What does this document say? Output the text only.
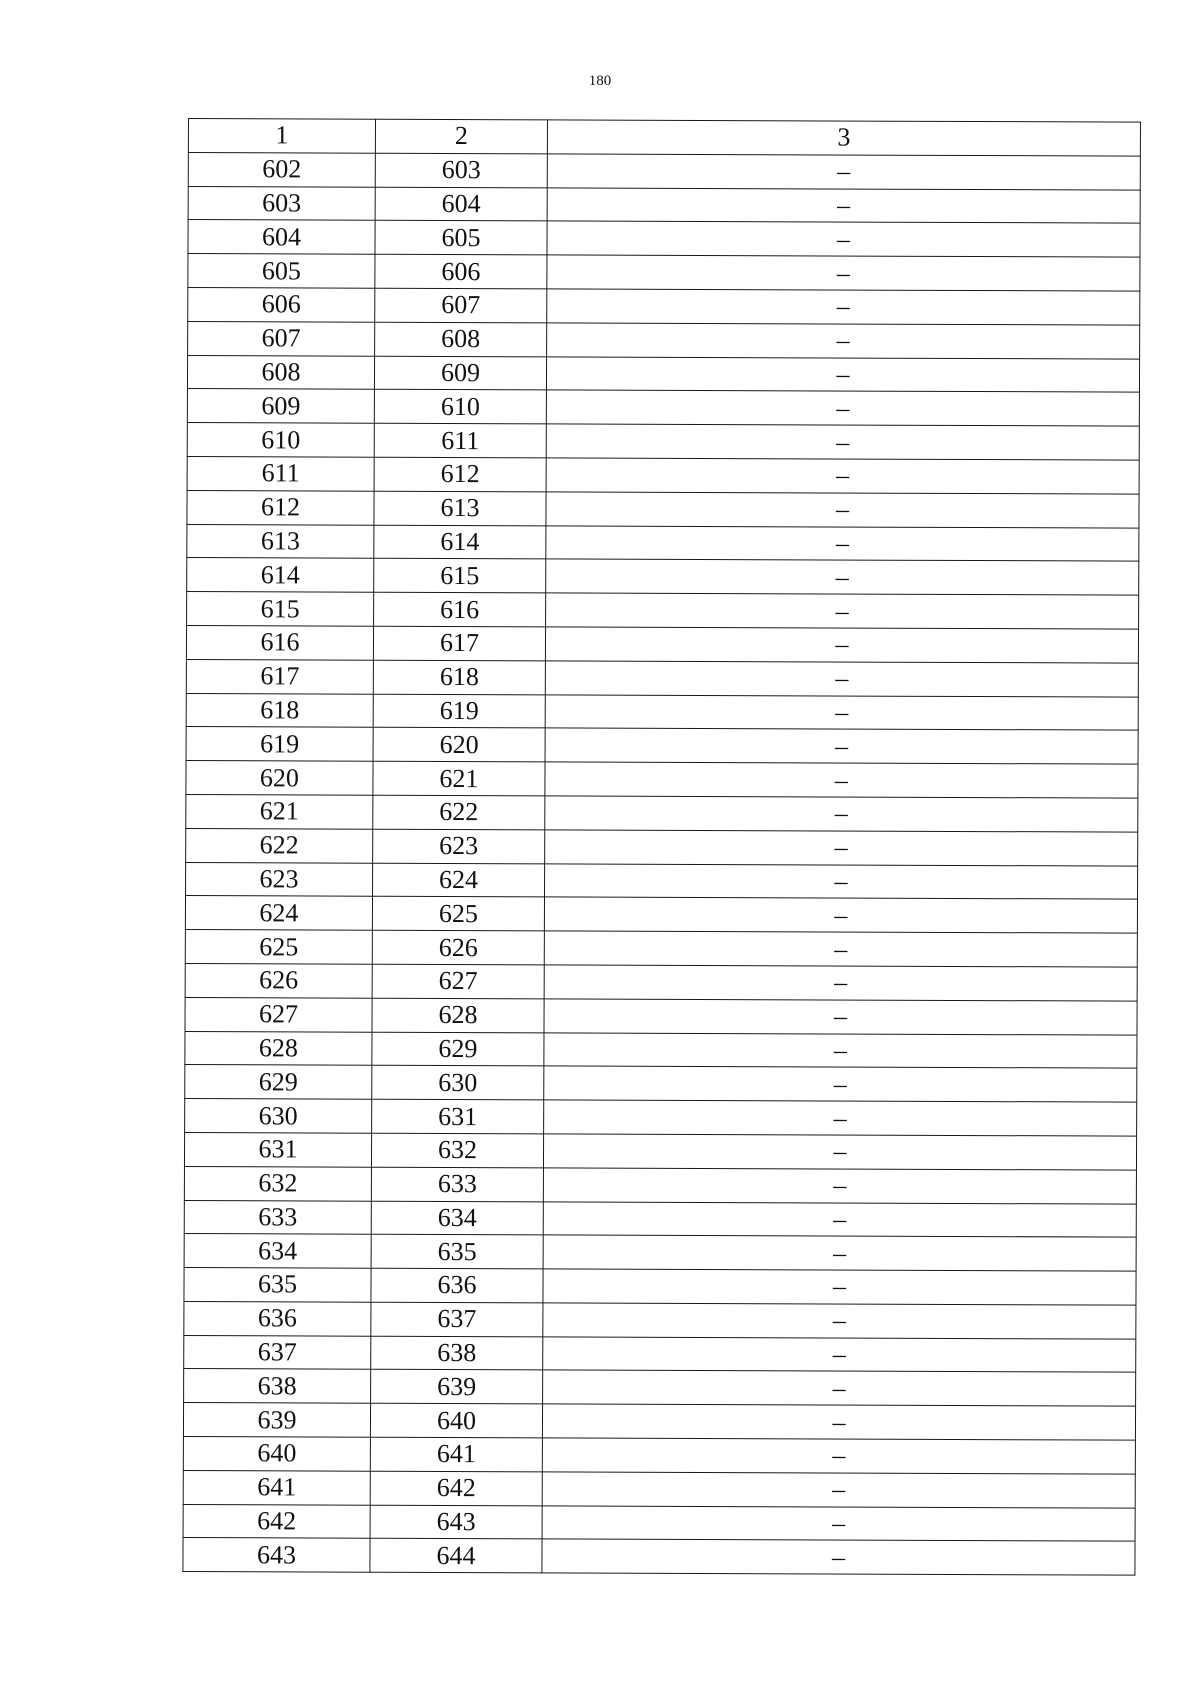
180
1	2	3
602	603	–
603	604	–
604	605	–
605	606	–
606	607	–
607	608	–
608	609	–
609	610	–
610	611	–
611	612	–
612	613	–
613	614	–
614	615	–
615	616	–
616	617	–
617	618	–
618	619	–
619	620	–
620	621	–
621	622	–
622	623	–
623	624	–
624	625	–
625	626	–
626	627	–
627	628	–
628	629	–
629	630	–
630	631	–
631	632	–
632	633	–
633	634	–
634	635	–
635	636	–
636	637	–
637	638	–
638	639	–
639	640	–
640	641	–
641	642	–
642	643	–
643	644	–
